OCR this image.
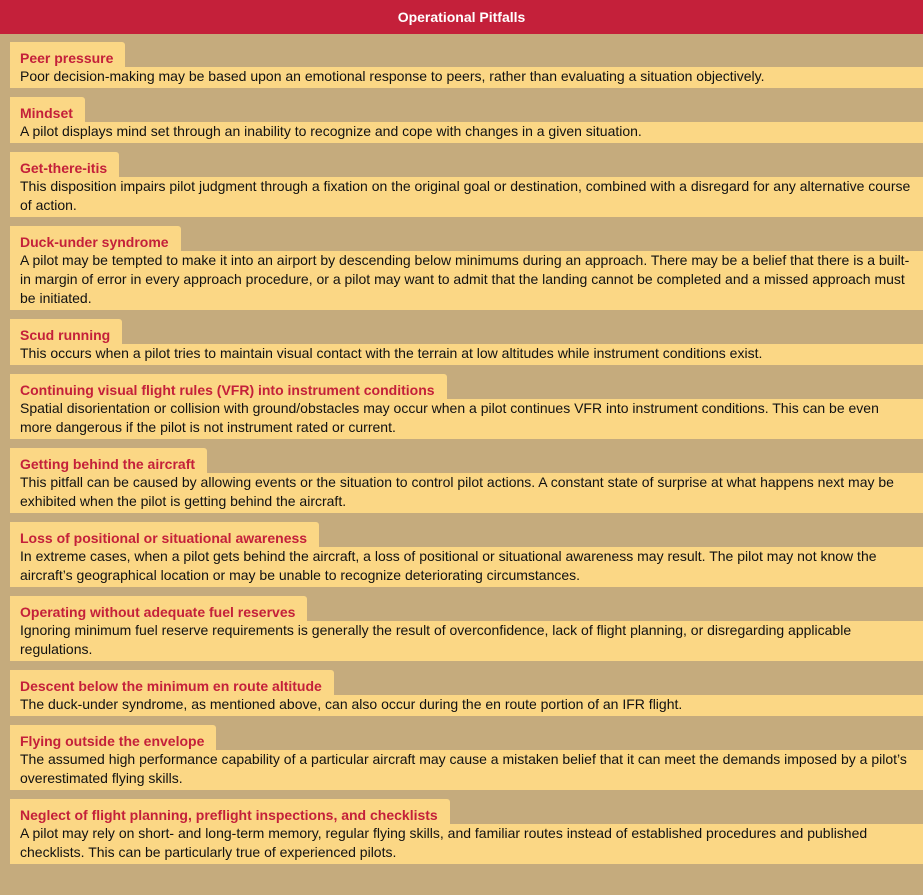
Operational Pitfalls
Peer pressure
Poor decision-making may be based upon an emotional response to peers, rather than evaluating a situation objectively.
Mindset
A pilot displays mind set through an inability to recognize and cope with changes in a given situation.
Get-there-itis
This disposition impairs pilot judgment through a fixation on the original goal or destination, combined with a disregard for any alternative course of action.
Duck-under syndrome
A pilot may be tempted to make it into an airport by descending below minimums during an approach. There may be a belief that there is a built-in margin of error in every approach procedure, or a pilot may want to admit that the landing cannot be completed and a missed approach must be initiated.
Scud running
This occurs when a pilot tries to maintain visual contact with the terrain at low altitudes while instrument conditions exist.
Continuing visual flight rules (VFR) into instrument conditions
Spatial disorientation or collision with ground/obstacles may occur when a pilot continues VFR into instrument conditions. This can be even more dangerous if the pilot is not instrument rated or current.
Getting behind the aircraft
This pitfall can be caused by allowing events or the situation to control pilot actions. A constant state of surprise at what happens next may be exhibited when the pilot is getting behind the aircraft.
Loss of positional or situational awareness
In extreme cases, when a pilot gets behind the aircraft, a loss of positional or situational awareness may result. The pilot may not know the aircraft’s geographical location or may be unable to recognize deteriorating circumstances.
Operating without adequate fuel reserves
Ignoring minimum fuel reserve requirements is generally the result of overconfidence, lack of flight planning, or disregarding applicable regulations.
Descent below the minimum en route altitude
The duck-under syndrome, as mentioned above, can also occur during the en route portion of an IFR flight.
Flying outside the envelope
The assumed high performance capability of a particular aircraft may cause a mistaken belief that it can meet the demands imposed by a pilot’s overestimated flying skills.
Neglect of flight planning, preflight inspections, and checklists
A pilot may rely on short- and long-term memory, regular flying skills, and familiar routes instead of established procedures and published checklists. This can be particularly true of experienced pilots.
